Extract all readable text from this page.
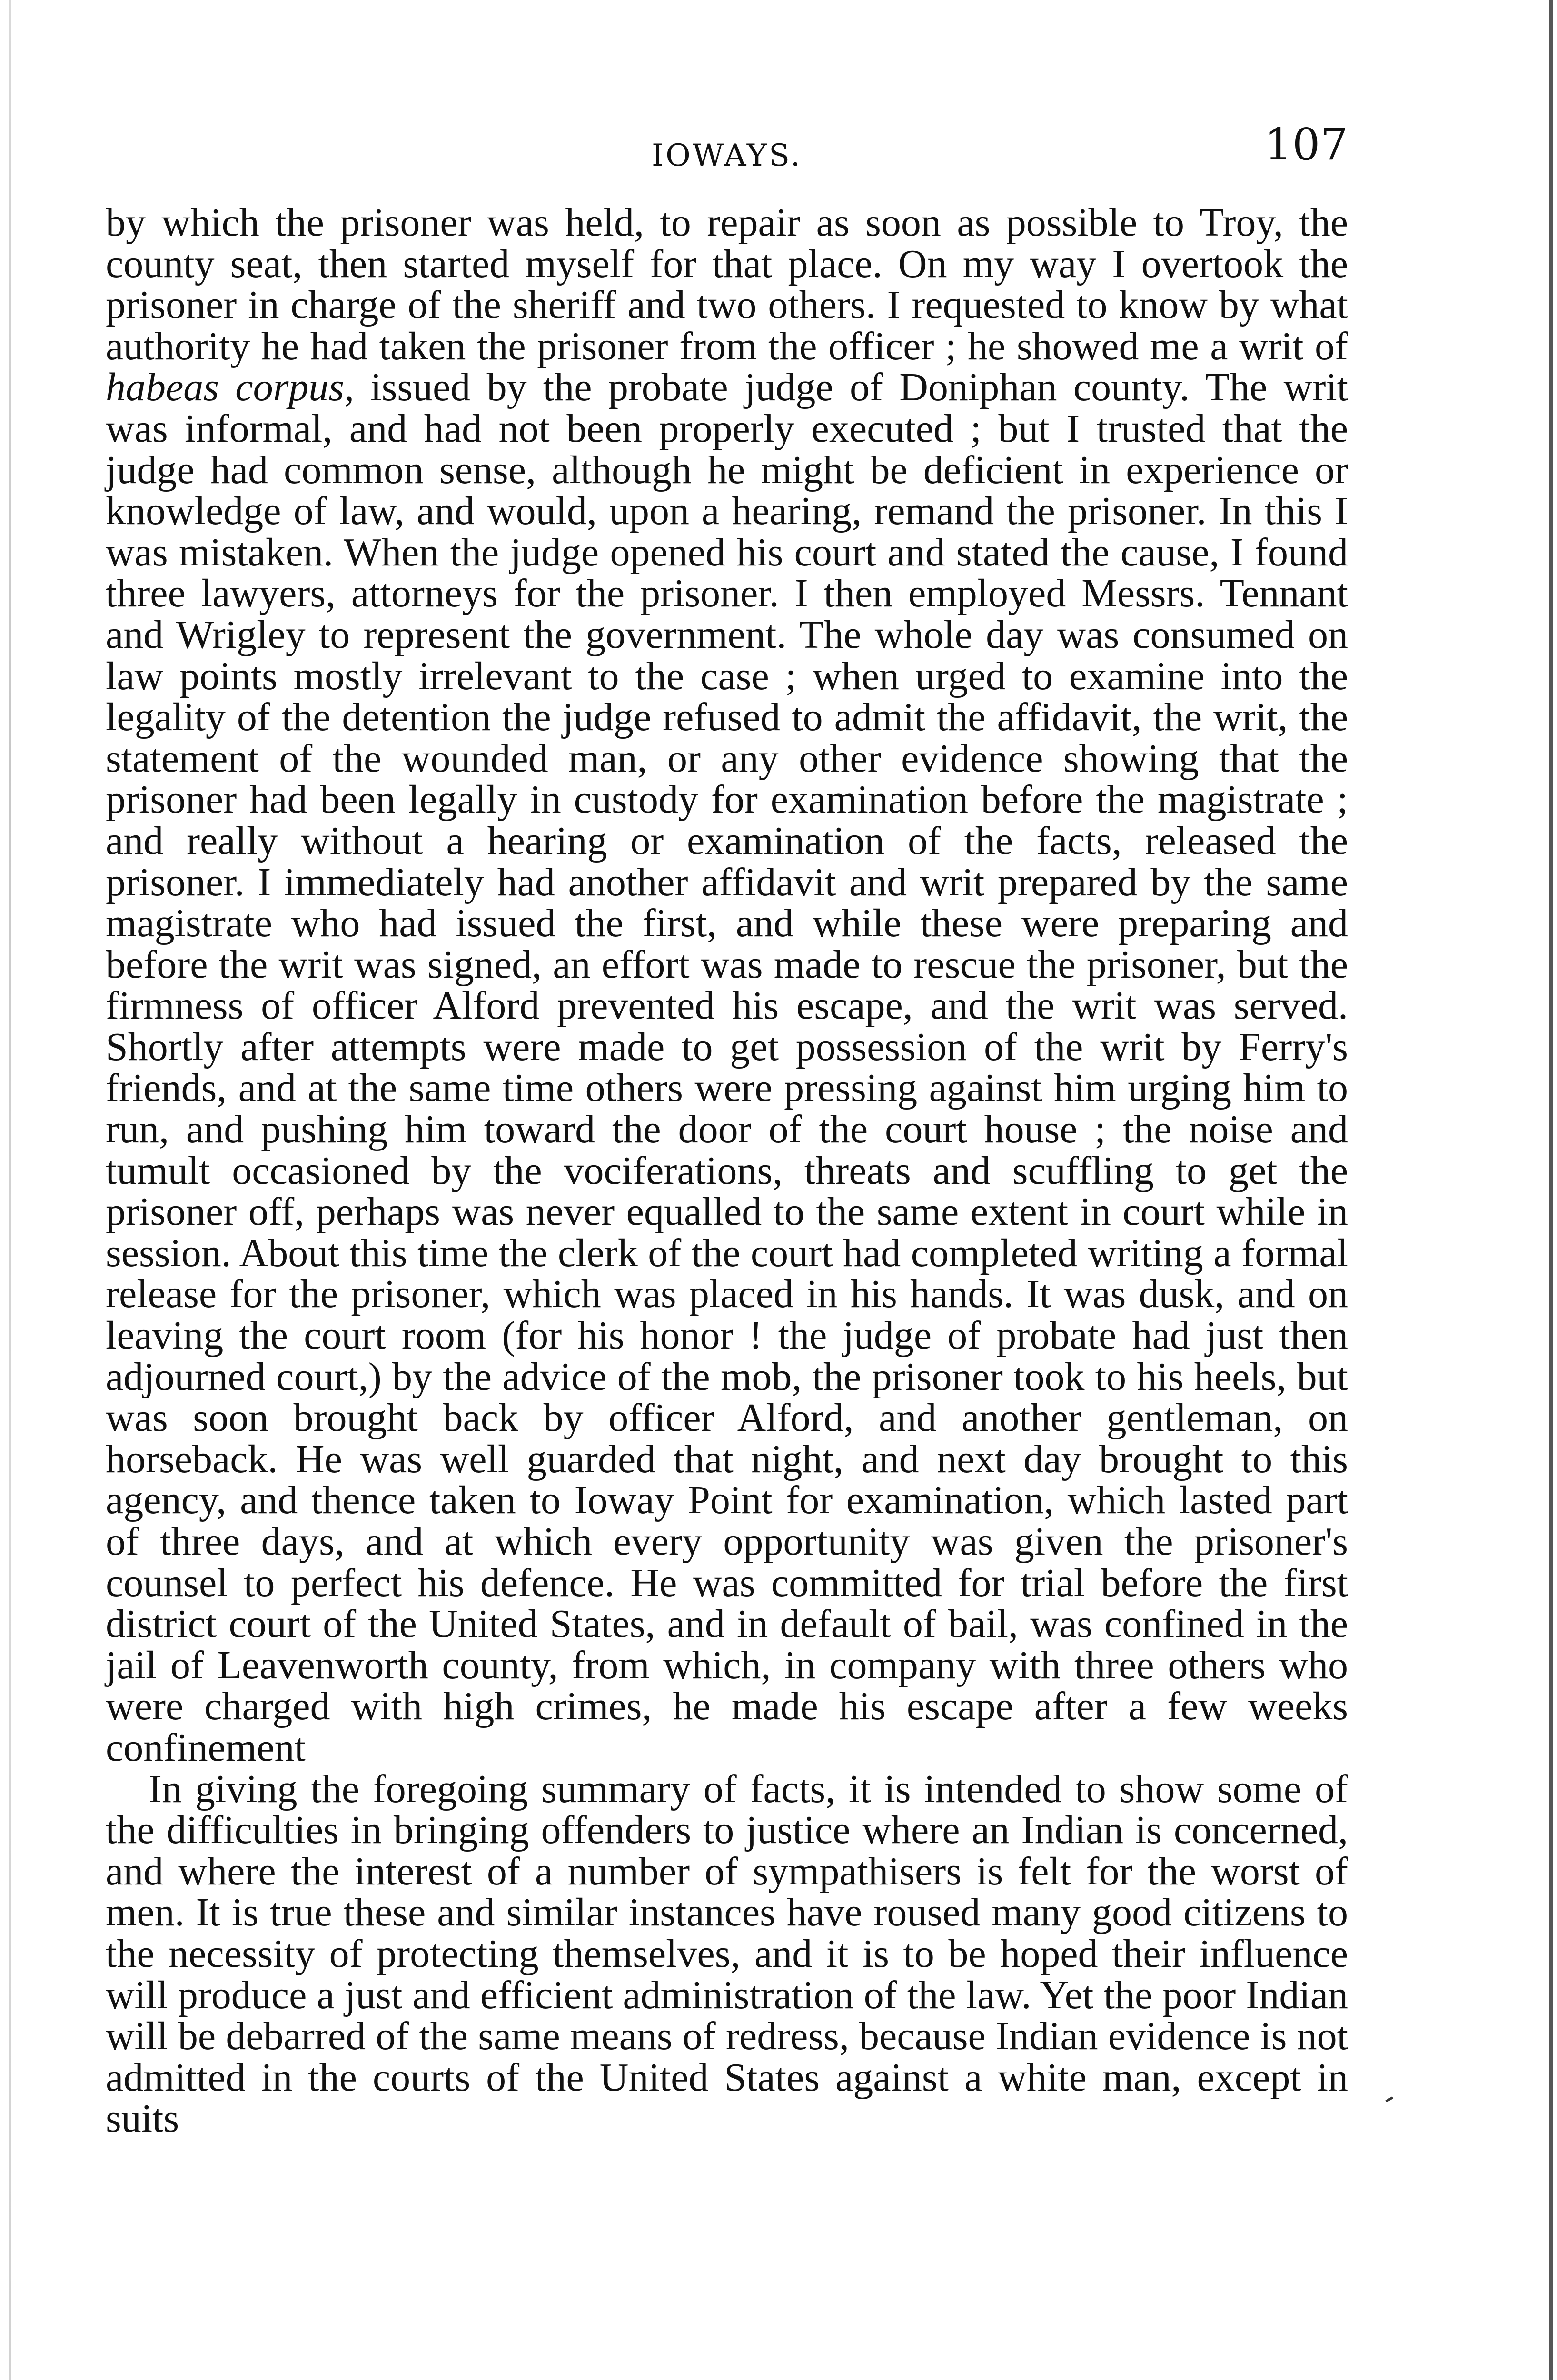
IOWAYS.	107

by which the prisoner was held, to repair as soon as possible to Troy, the county seat, then started myself for that place. On my way I overtook the prisoner in charge of the sheriff and two others. I requested to know by what authority he had taken the prisoner from the officer ; he showed me a writ of habeas corpus, issued by the probate judge of Doniphan county. The writ was informal, and had not been properly executed ; but I trusted that the judge had common sense, although he might be deficient in experience or knowledge of law, and would, upon a hearing, remand the prisoner. In this I was mistaken. When the judge opened his court and stated the cause, I found three lawyers, attorneys for the prisoner. I then employed Messrs. Tennant and Wrigley to represent the government. The whole day was consumed on law points mostly irrelevant to the case ; when urged to examine into the legality of the detention the judge refused to admit the affidavit, the writ, the statement of the wounded man, or any other evidence showing that the prisoner had been legally in custody for examination before the magistrate ; and really without a hearing or examination of the facts, released the prisoner. I immediately had another affidavit and writ prepared by the same magistrate who had issued the first, and while these were preparing and before the writ was signed, an effort was made to rescue the prisoner, but the firmness of officer Alford prevented his escape, and the writ was served. Shortly after attempts were made to get possession of the writ by Ferry's friends, and at the same time others were pressing against him urging him to run, and pushing him toward the door of the court house ; the noise and tumult occasioned by the vociferations, threats and scuffling to get the prisoner off, perhaps was never equalled to the same extent in court while in session. About this time the clerk of the court had completed writing a formal release for the prisoner, which was placed in his hands. It was dusk, and on leaving the court room (for his honor ! the judge of probate had just then adjourned court,) by the advice of the mob, the prisoner took to his heels, but was soon brought back by officer Alford, and another gentleman, on horseback. He was well guarded that night, and next day brought to this agency, and thence taken to Ioway Point for examination, which lasted part of three days, and at which every opportunity was given the prisoner's counsel to perfect his defence. He was committed for trial before the first district court of the United States, and in default of bail, was confined in the jail of Leavenworth county, from which, in company with three others who were charged with high crimes, he made his escape after a few weeks confinement

In giving the foregoing summary of facts, it is intended to show some of the difficulties in bringing offenders to justice where an Indian is concerned, and where the interest of a number of sympathisers is felt for the worst of men. It is true these and similar instances have roused many good citizens to the necessity of protecting themselves, and it is to be hoped their influence will produce a just and efficient administration of the law. Yet the poor Indian will be debarred of the same means of redress, because Indian evidence is not admitted in the courts of the United States against a white man, except in suits	˗
